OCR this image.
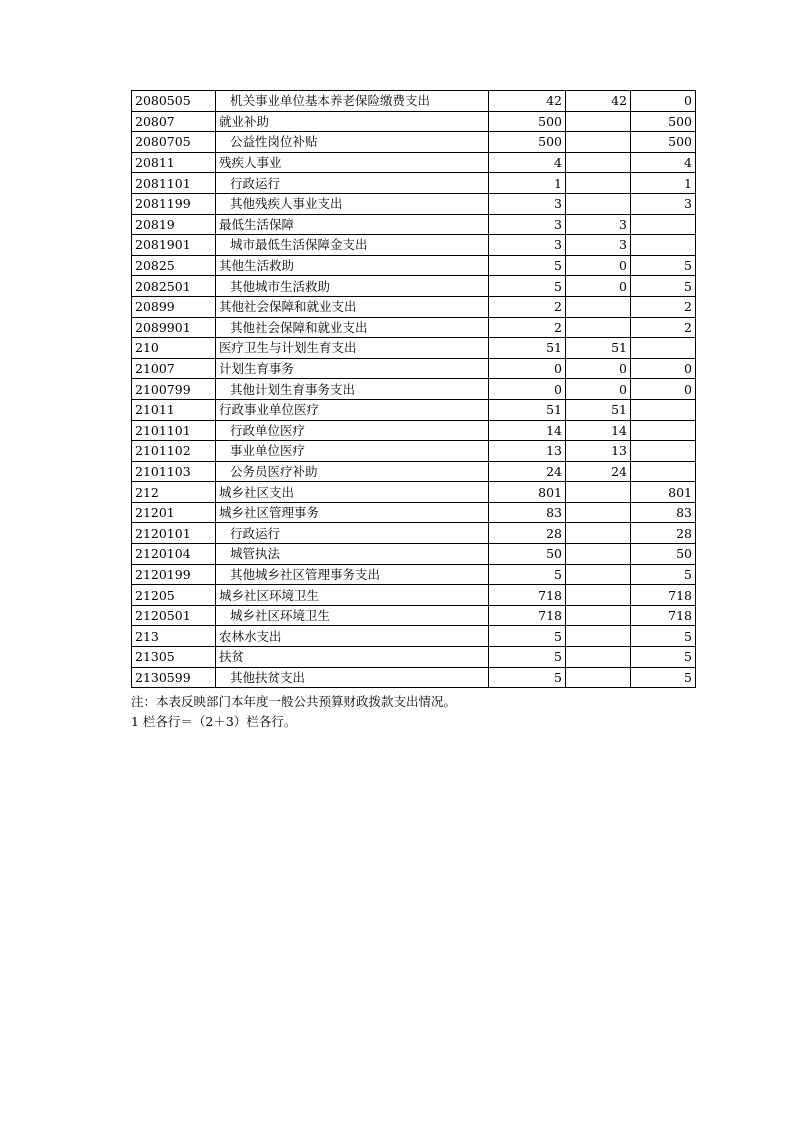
2080505	机关事业单位基本养老保险缴费支出	42	42	0
20807	就业补助	500		500
2080705	公益性岗位补贴	500		500
20811	残疾人事业	4		4
2081101	行政运行	1		1
2081199	其他残疾人事业支出	3		3
20819	最低生活保障	3	3	
2081901	城市最低生活保障金支出	3	3	
20825	其他生活救助	5	0	5
2082501	其他城市生活救助	5	0	5
20899	其他社会保障和就业支出	2		2
2089901	其他社会保障和就业支出	2		2
210	医疗卫生与计划生育支出	51	51	
21007	计划生育事务	0	0	0
2100799	其他计划生育事务支出	0	0	0
21011	行政事业单位医疗	51	51	
2101101	行政单位医疗	14	14	
2101102	事业单位医疗	13	13	
2101103	公务员医疗补助	24	24	
212	城乡社区支出	801		801
21201	城乡社区管理事务	83		83
2120101	行政运行	28		28
2120104	城管执法	50		50
2120199	其他城乡社区管理事务支出	5		5
21205	城乡社区环境卫生	718		718
2120501	城乡社区环境卫生	718		718
213	农林水支出	5		5
21305	扶贫	5		5
2130599	其他扶贫支出	5		5
注：本表反映部门本年度一般公共预算财政拨款支出情况。
1 栏各行＝（2＋3）栏各行。
